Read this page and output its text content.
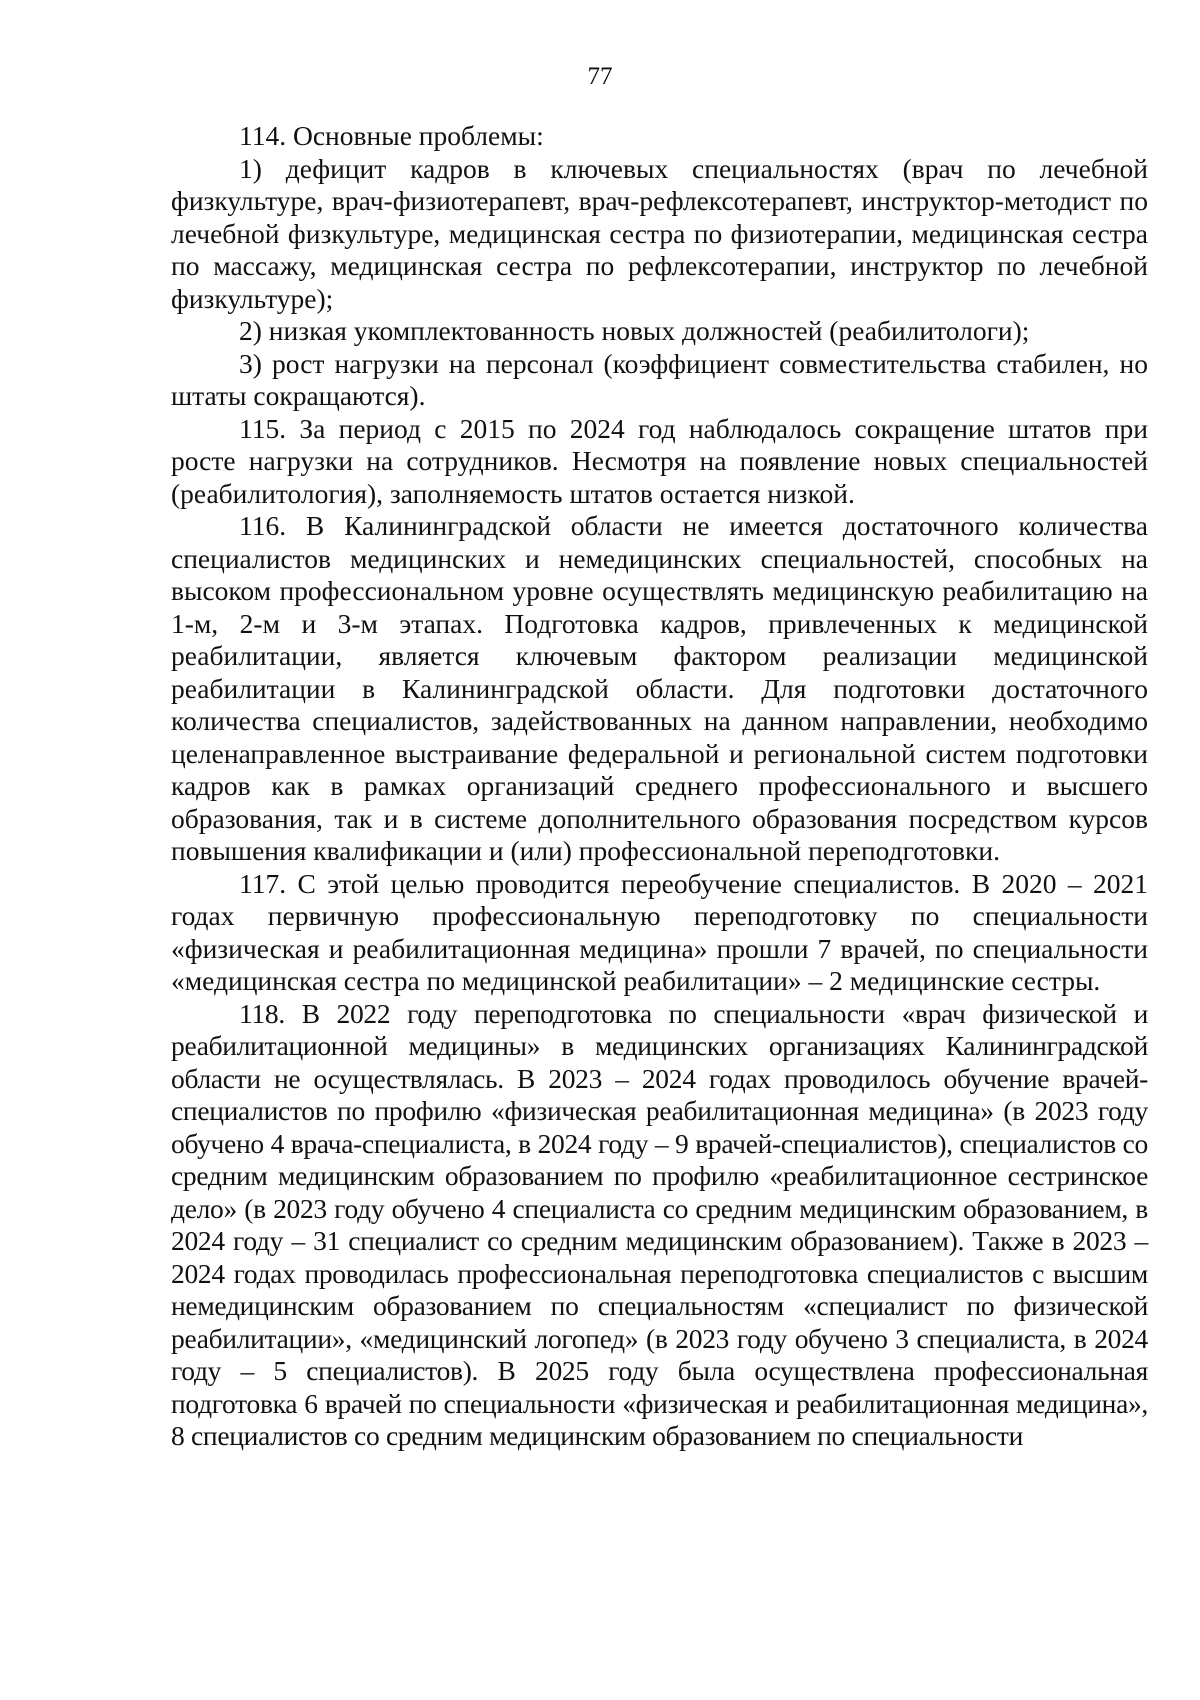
77

114. Основные проблемы:

1) дефицит кадров в ключевых специальностях (врач по лечебной физкультуре, врач-физиотерапевт, врач-рефлексотерапевт, инструктор-методист по лечебной физкультуре, медицинская сестра по физиотерапии, медицинская сестра по массажу, медицинская сестра по рефлексотерапии, инструктор по лечебной физкультуре);

2) низкая укомплектованность новых должностей (реабилитологи);

3) рост нагрузки на персонал (коэффициент совместительства стабилен, но штаты сокращаются).

115. За период с 2015 по 2024 год наблюдалось сокращение штатов при росте нагрузки на сотрудников. Несмотря на появление новых специальностей (реабилитология), заполняемость штатов остается низкой.

116. В Калининградской области не имеется достаточного количества специалистов медицинских и немедицинских специальностей, способных на высоком профессиональном уровне осуществлять медицинскую реабилитацию на 1-м, 2-м и 3-м этапах. Подготовка кадров, привлеченных к медицинской реабилитации, является ключевым фактором реализации медицинской реабилитации в Калининградской области. Для подготовки достаточного количества специалистов, задействованных на данном направлении, необходимо целенаправленное выстраивание федеральной и региональной систем подготовки кадров как в рамках организаций среднего профессионального и высшего образования, так и в системе дополнительного образования посредством курсов повышения квалификации и (или) профессиональной переподготовки.

117. С этой целью проводится переобучение специалистов. В 2020 – 2021 годах первичную профессиональную переподготовку по специальности «физическая и реабилитационная медицина» прошли 7 врачей, по специальности «медицинская сестра по медицинской реабилитации» – 2 медицинские сестры.

118. В 2022 году переподготовка по специальности «врач физической и реабилитационной медицины» в медицинских организациях Калининградской области не осуществлялась. В 2023 – 2024 годах проводилось обучение врачей-специалистов по профилю «физическая реабилитационная медицина» (в 2023 году обучено 4 врача-специалиста, в 2024 году – 9 врачей-специалистов), специалистов со средним медицинским образованием по профилю «реабилитационное сестринское дело» (в 2023 году обучено 4 специалиста со средним медицинским образованием, в 2024 году – 31 специалист со средним медицинским образованием). Также в 2023 – 2024 годах проводилась профессиональная переподготовка специалистов с высшим немедицинским образованием по специальностям «специалист по физической реабилитации», «медицинский логопед» (в 2023 году обучено 3 специалиста, в 2024 году – 5 специалистов). В 2025 году была осуществлена профессиональная подготовка 6 врачей по специальности «физическая и реабилитационная медицина», 8 специалистов со средним медицинским образованием по специальности
